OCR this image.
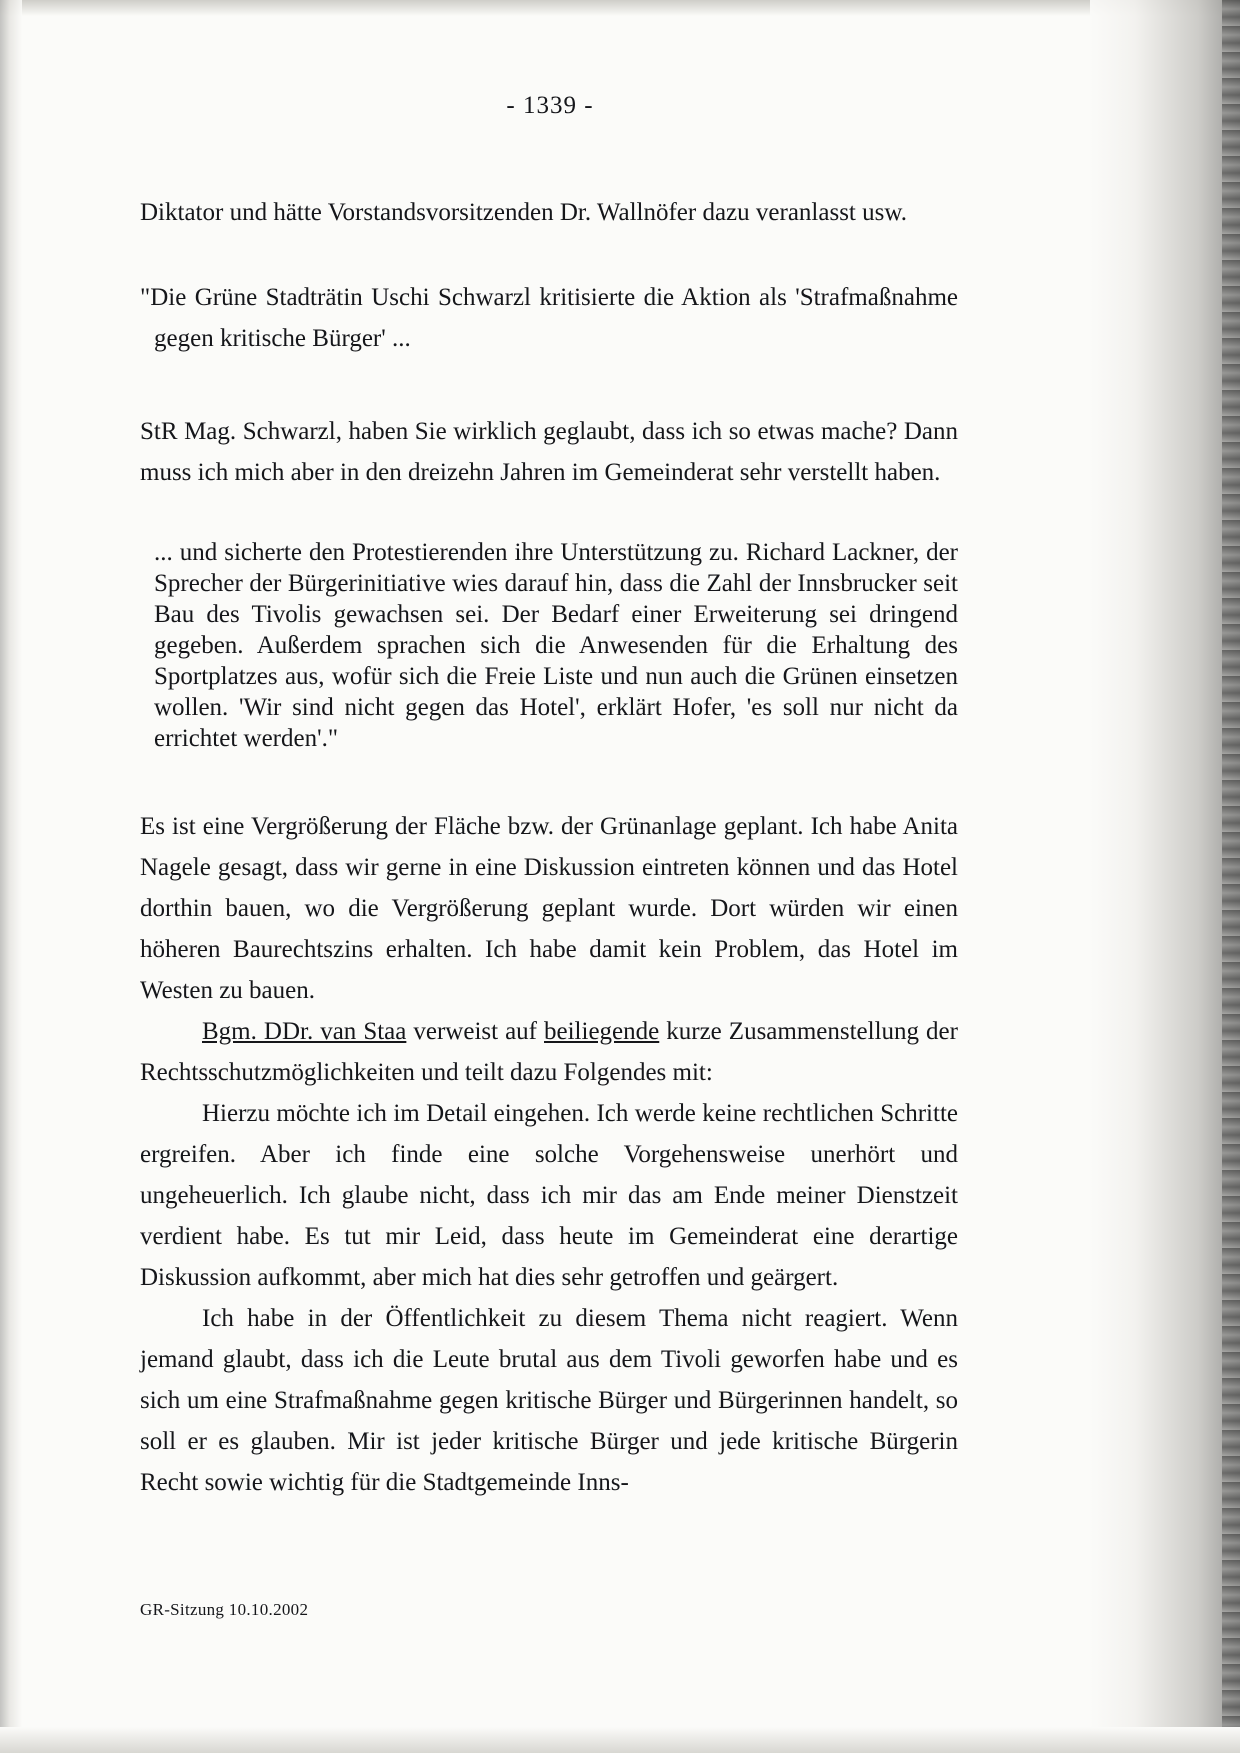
- 1339 -

Diktator und hätte Vorstandsvorsitzenden Dr. Wallnöfer dazu veranlasst usw.

"Die Grüne Stadträtin Uschi Schwarzl kritisierte die Aktion als 'Strafmaßnahme gegen kritische Bürger' ...

StR Mag. Schwarzl, haben Sie wirklich geglaubt, dass ich so etwas mache? Dann muss ich mich aber in den dreizehn Jahren im Gemeinderat sehr verstellt haben.

... und sicherte den Protestierenden ihre Unterstützung zu. Richard Lackner, der Sprecher der Bürgerinitiative wies darauf hin, dass die Zahl der Innsbrucker seit Bau des Tivolis gewachsen sei. Der Bedarf einer Erweiterung sei dringend gegeben. Außerdem sprachen sich die Anwesenden für die Erhaltung des Sportplatzes aus, wofür sich die Freie Liste und nun auch die Grünen einsetzen wollen. 'Wir sind nicht gegen das Hotel', erklärt Hofer, 'es soll nur nicht da errichtet werden'."

Es ist eine Vergrößerung der Fläche bzw. der Grünanlage geplant. Ich habe Anita Nagele gesagt, dass wir gerne in eine Diskussion eintreten können und das Hotel dorthin bauen, wo die Vergrößerung geplant wurde. Dort würden wir einen höheren Baurechtszins erhalten. Ich habe damit kein Problem, das Hotel im Westen zu bauen.

Bgm. DDr. van Staa verweist auf beiliegende kurze Zusammenstellung der Rechtsschutzmöglichkeiten und teilt dazu Folgendes mit:

Hierzu möchte ich im Detail eingehen. Ich werde keine rechtlichen Schritte ergreifen. Aber ich finde eine solche Vorgehensweise unerhört und ungeheuerlich. Ich glaube nicht, dass ich mir das am Ende meiner Dienstzeit verdient habe. Es tut mir Leid, dass heute im Gemeinderat eine derartige Diskussion aufkommt, aber mich hat dies sehr getroffen und geärgert.

Ich habe in der Öffentlichkeit zu diesem Thema nicht reagiert. Wenn jemand glaubt, dass ich die Leute brutal aus dem Tivoli geworfen habe und es sich um eine Strafmaßnahme gegen kritische Bürger und Bürgerinnen handelt, so soll er es glauben. Mir ist jeder kritische Bürger und jede kritische Bürgerin Recht sowie wichtig für die Stadtgemeinde Inns-

GR-Sitzung 10.10.2002
